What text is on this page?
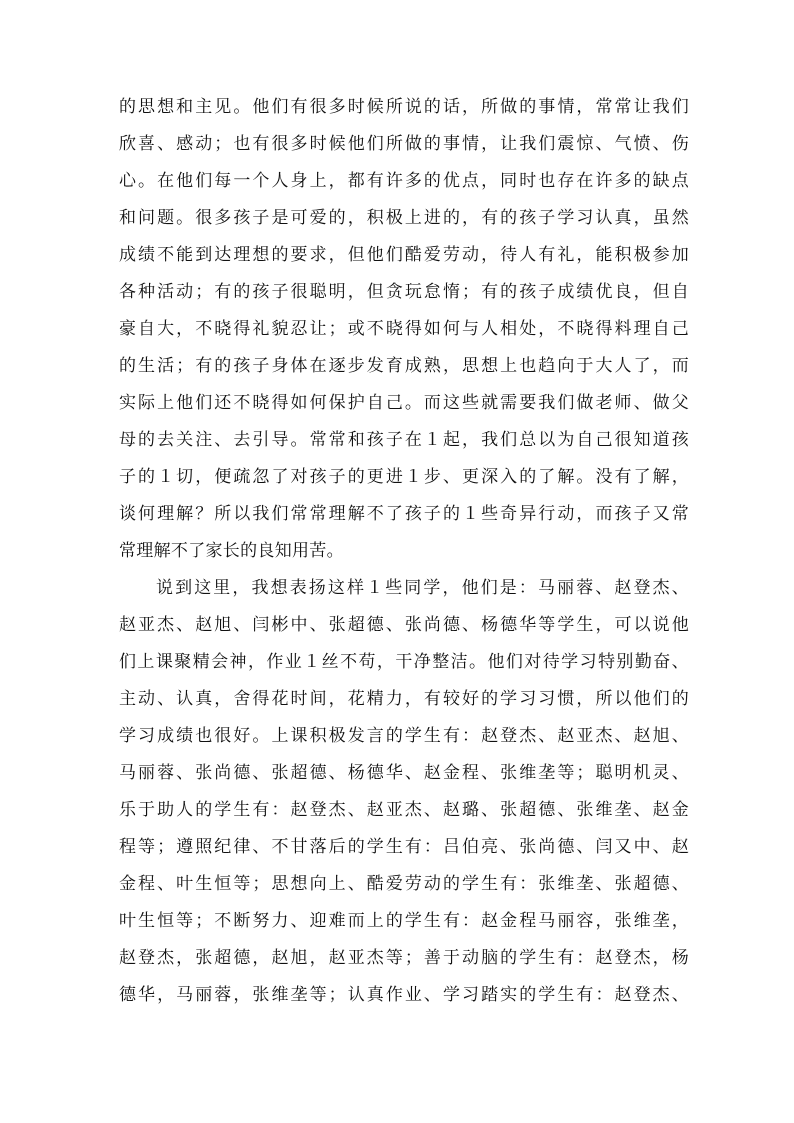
的思想和主见。他们有很多时候所说的话，所做的事情，常常让我们
欣喜、感动；也有很多时候他们所做的事情，让我们震惊、气愤、伤
心。在他们每一个人身上，都有许多的优点，同时也存在许多的缺点
和问题。很多孩子是可爱的，积极上进的，有的孩子学习认真，虽然
成绩不能到达理想的要求，但他们酷爱劳动，待人有礼，能积极参加
各种活动；有的孩子很聪明，但贪玩怠惰；有的孩子成绩优良，但自
豪自大，不晓得礼貌忍让；或不晓得如何与人相处，不晓得料理自己
的生活；有的孩子身体在逐步发育成熟，思想上也趋向于大人了，而
实际上他们还不晓得如何保护自己。而这些就需要我们做老师、做父
母的去关注、去引导。常常和孩子在１起，我们总以为自己很知道孩
子的１切，便疏忽了对孩子的更进１步、更深入的了解。没有了解，
谈何理解？所以我们常常理解不了孩子的１些奇异行动，而孩子又常
常理解不了家长的良知用苦。
说到这里，我想表扬这样１些同学，他们是：马丽蓉、赵登杰、
赵亚杰、赵旭、闫彬中、张超德、张尚德、杨德华等学生，可以说他
们上课聚精会神，作业１丝不苟，干净整洁。他们对待学习特别勤奋、
主动、认真，舍得花时间，花精力，有较好的学习习惯，所以他们的
学习成绩也很好。上课积极发言的学生有：赵登杰、赵亚杰、赵旭、
马丽蓉、张尚德、张超德、杨德华、赵金程、张维垄等；聪明机灵、
乐于助人的学生有：赵登杰、赵亚杰、赵璐、张超德、张维垄、赵金
程等；遵照纪律、不甘落后的学生有：吕伯亮、张尚德、闫又中、赵
金程、叶生恒等；思想向上、酷爱劳动的学生有：张维垄、张超德、
叶生恒等；不断努力、迎难而上的学生有：赵金程马丽容，张维垄，
赵登杰，张超德，赵旭，赵亚杰等；善于动脑的学生有：赵登杰，杨
德华，马丽蓉，张维垄等；认真作业、学习踏实的学生有：赵登杰、
